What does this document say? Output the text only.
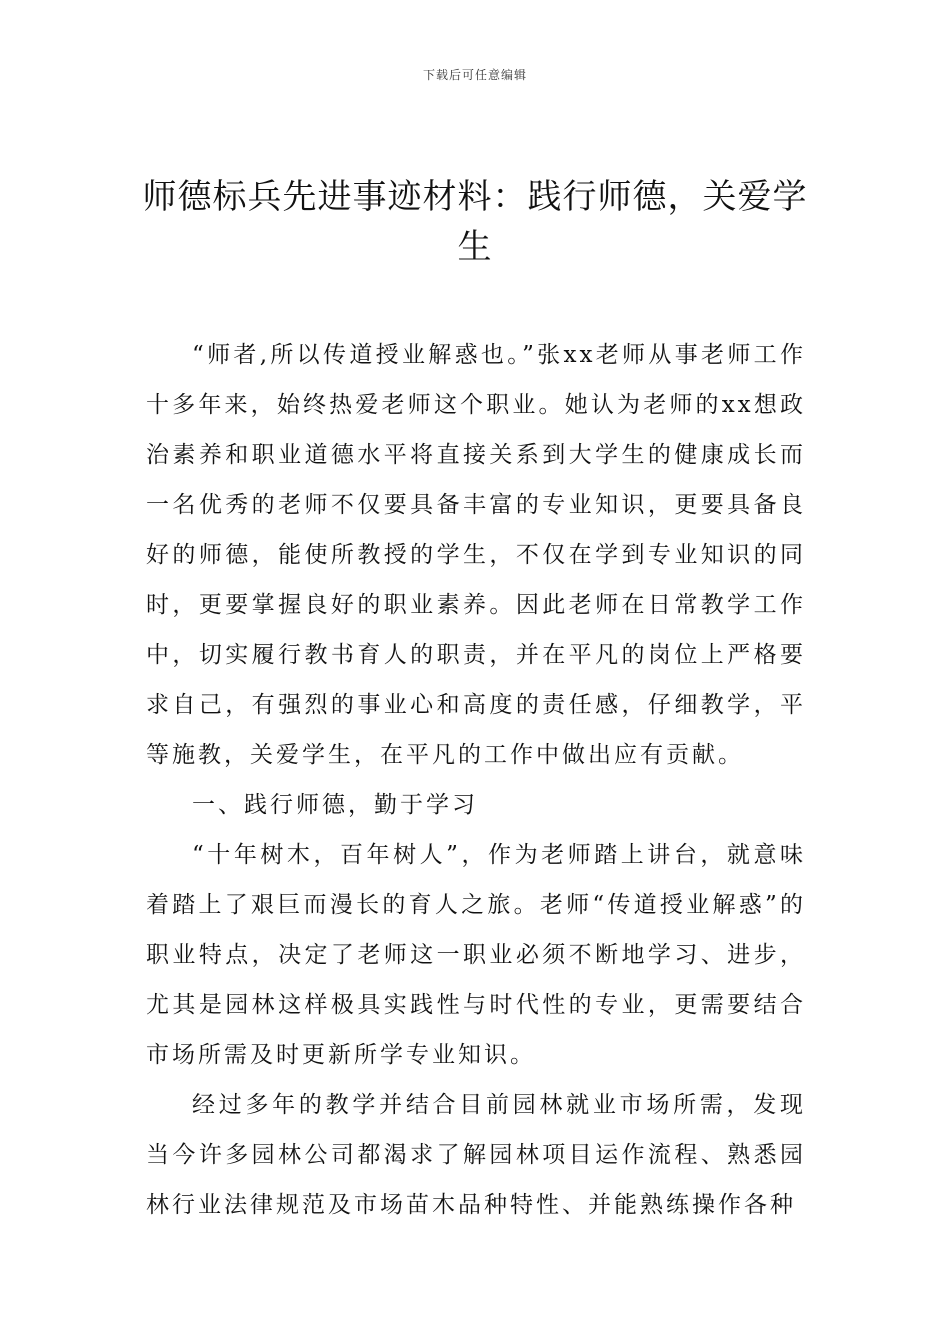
下载后可任意编辑
师德标兵先进事迹材料：践行师德，关爱学生

“师者,所以传道授业解惑也。”张xx老师从事老师工作十多年来，始终热爱老师这个职业。她认为老师的xx想政治素养和职业道德水平将直接关系到大学生的健康成长而一名优秀的老师不仅要具备丰富的专业知识，更要具备良好的师德，能使所教授的学生，不仅在学到专业知识的同时，更要掌握良好的职业素养。因此老师在日常教学工作中，切实履行教书育人的职责，并在平凡的岗位上严格要求自己，有强烈的事业心和高度的责任感，仔细教学，平等施教，关爱学生，在平凡的工作中做出应有贡献。

一、践行师德，勤于学习

“十年树木，百年树人”，作为老师踏上讲台，就意味着踏上了艰巨而漫长的育人之旅。老师“传道授业解惑”的职业特点，决定了老师这一职业必须不断地学习、进步，尤其是园林这样极具实践性与时代性的专业，更需要结合市场所需及时更新所学专业知识。

经过多年的教学并结合目前园林就业市场所需，发现当今许多园林公司都渴求了解园林项目运作流程、熟悉园林行业法律规范及市场苗木品种特性、并能熟练操作各种
